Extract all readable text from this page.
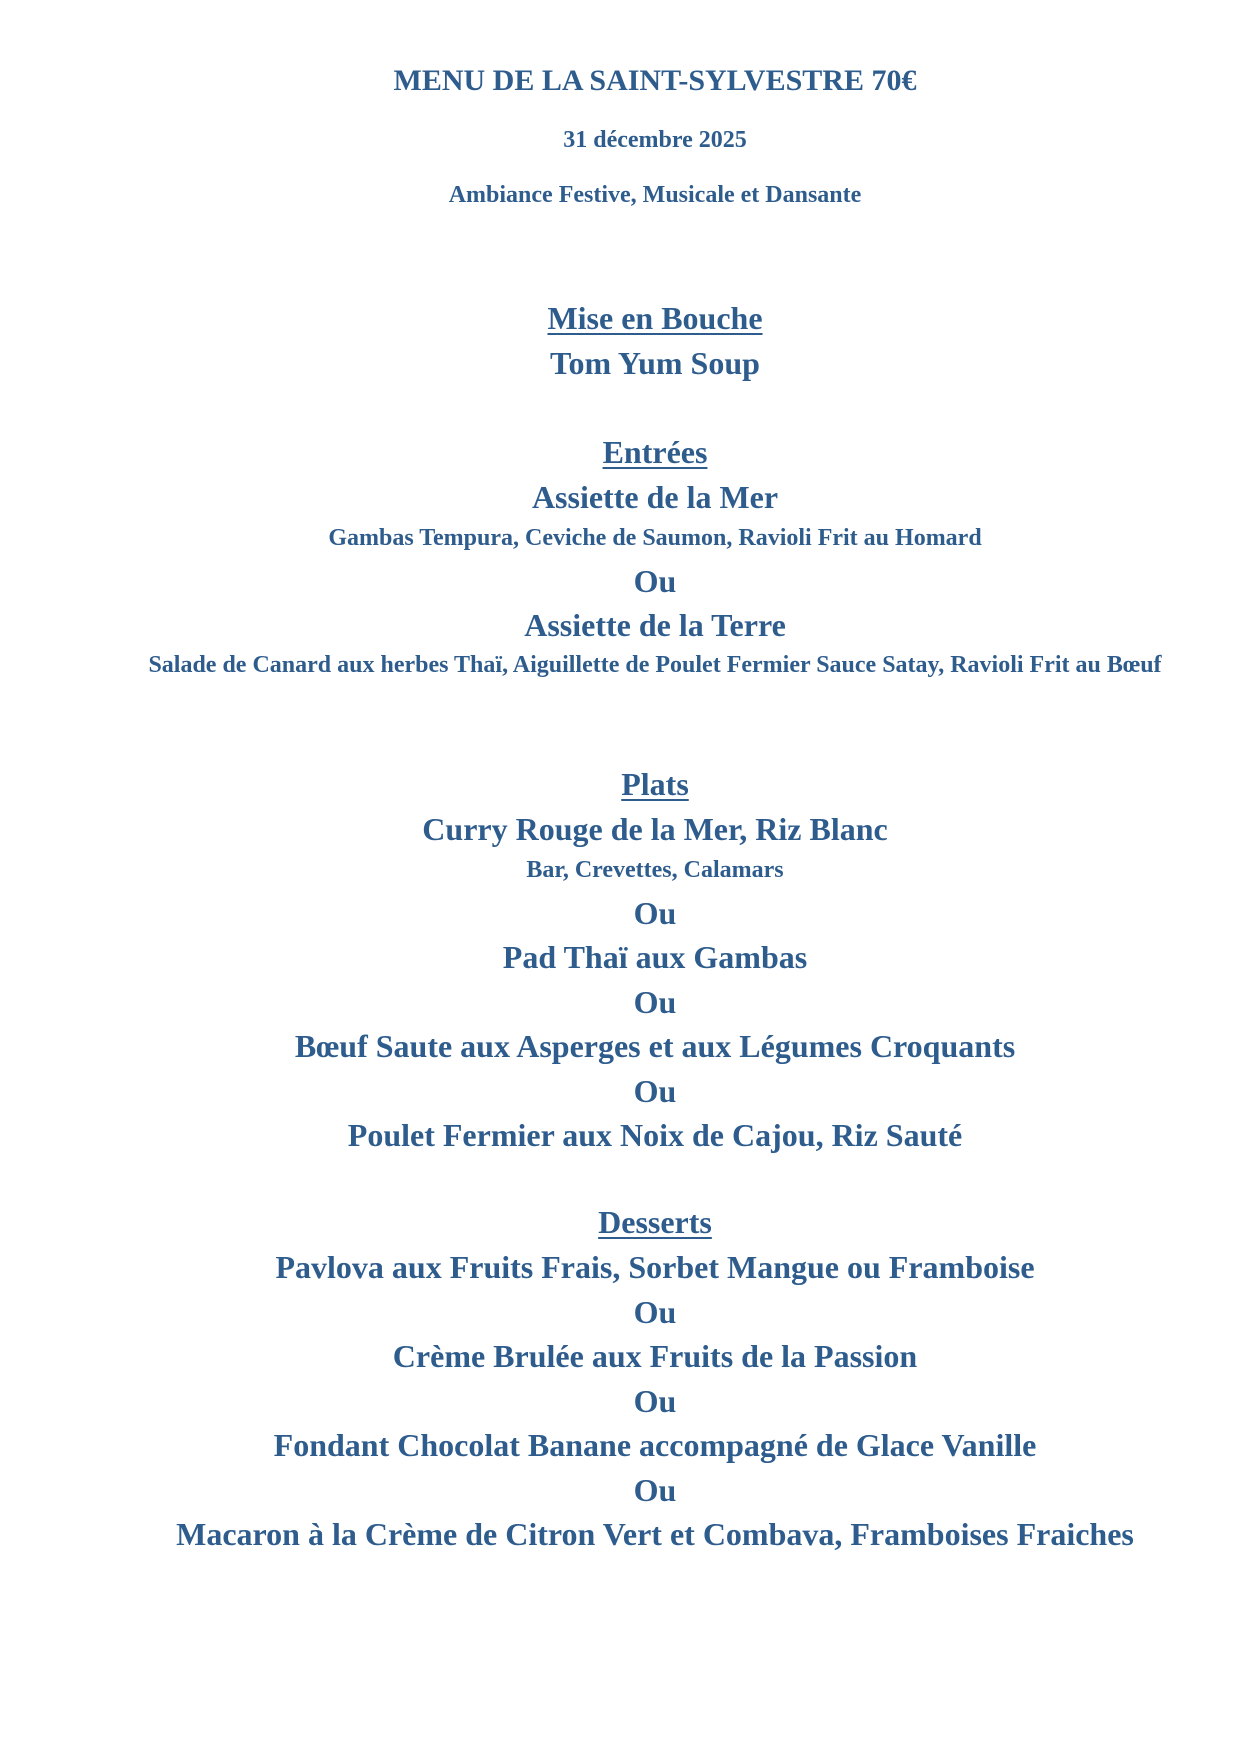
MENU DE LA SAINT-SYLVESTRE 70€
31 décembre 2025
Ambiance Festive, Musicale et Dansante
Mise en Bouche
Tom Yum Soup
Entrées
Assiette de la Mer
Gambas Tempura, Ceviche de Saumon, Ravioli Frit au Homard
Ou
Assiette de la Terre
Salade de Canard aux herbes Thaï, Aiguillette de Poulet Fermier Sauce Satay, Ravioli Frit au Bœuf
Plats
Curry Rouge de la Mer, Riz Blanc
Bar, Crevettes, Calamars
Ou
Pad Thaï aux Gambas
Ou
Bœuf Saute aux Asperges et aux Légumes Croquants
Ou
Poulet Fermier aux Noix de Cajou, Riz Sauté
Desserts
Pavlova aux Fruits Frais, Sorbet Mangue ou Framboise
Ou
Crème Brulée aux Fruits de la Passion
Ou
Fondant Chocolat Banane accompagné de Glace Vanille
Ou
Macaron à la Crème de Citron Vert et Combava, Framboises Fraiches
